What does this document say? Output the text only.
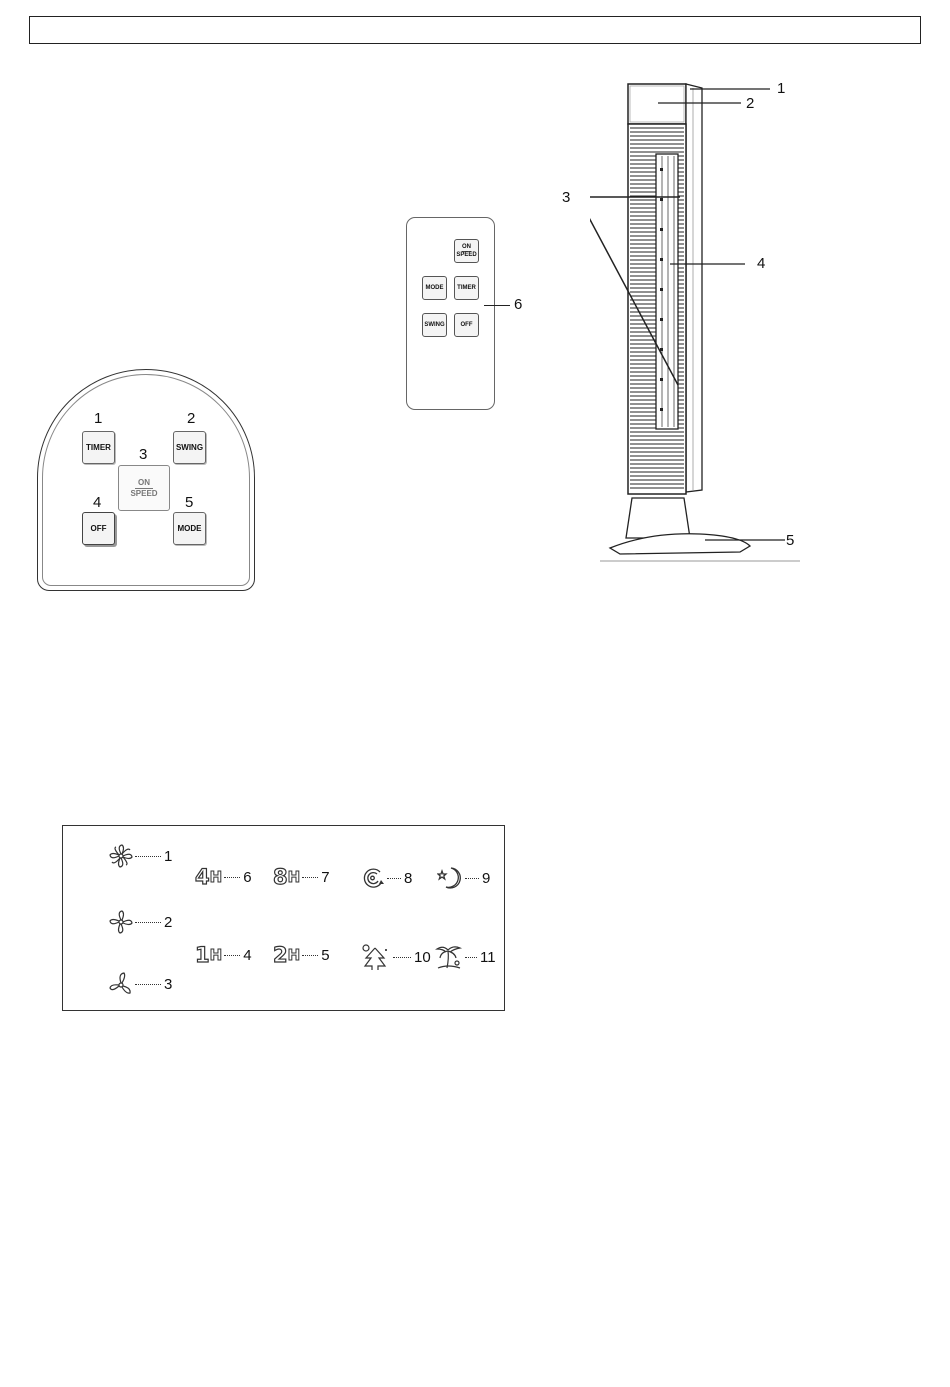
1
2
3
4
5
ON
SPEED
MODE TIMER
SWING	OFF
6
1	2
3
4	5
TIMER	SWING
ON
SPEED
OFF	MODE
1
2
3
4 H 6 8 H 7
1 H 4 2 H 5
8	9
10	11
